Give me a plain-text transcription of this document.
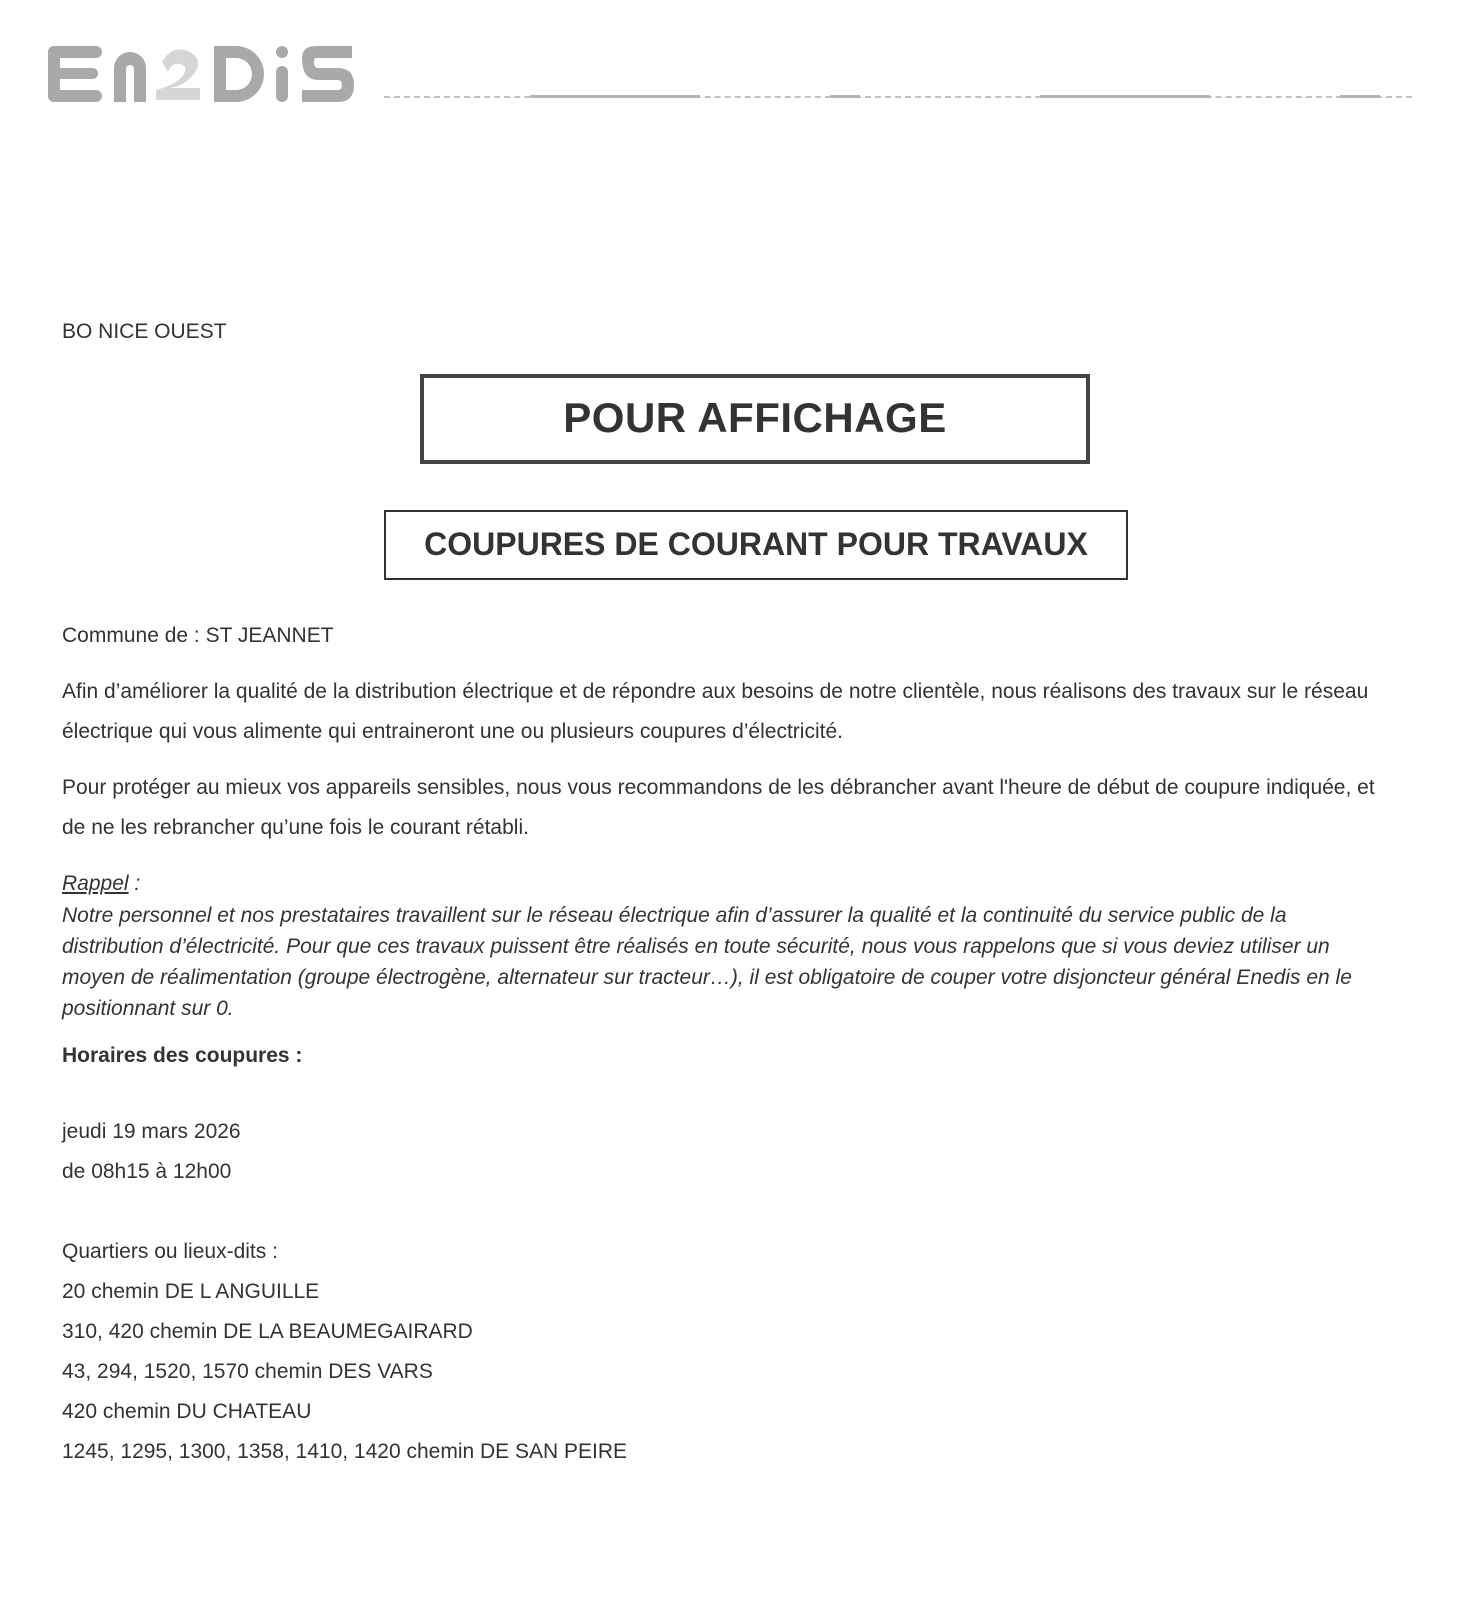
BO NICE OUEST
POUR AFFICHAGE
COUPURES DE COURANT POUR TRAVAUX
Commune de : ST JEANNET
Afin d’améliorer la qualité de la distribution électrique et de répondre aux besoins de notre clientèle, nous réalisons des travaux sur le réseau électrique qui vous alimente qui entraineront une ou plusieurs coupures d’électricité.
Pour protéger au mieux vos appareils sensibles, nous vous recommandons de les débrancher avant l'heure de début de coupure indiquée, et de ne les rebrancher qu’une fois le courant rétabli.
Rappel :
Notre personnel et nos prestataires travaillent sur le réseau électrique afin d’assurer la qualité et la continuité du service public de la distribution d’électricité. Pour que ces travaux puissent être réalisés en toute sécurité, nous vous rappelons que si vous deviez utiliser un moyen de réalimentation (groupe électrogène, alternateur sur tracteur…), il est obligatoire de couper votre disjoncteur général Enedis en le positionnant sur 0.
Horaires des coupures :
jeudi 19 mars 2026
de 08h15 à 12h00
Quartiers ou lieux-dits :
20 chemin DE L ANGUILLE
310, 420 chemin DE LA BEAUMEGAIRARD
43, 294, 1520, 1570 chemin DES VARS
420 chemin DU CHATEAU
1245, 1295, 1300, 1358, 1410, 1420 chemin DE SAN PEIRE
